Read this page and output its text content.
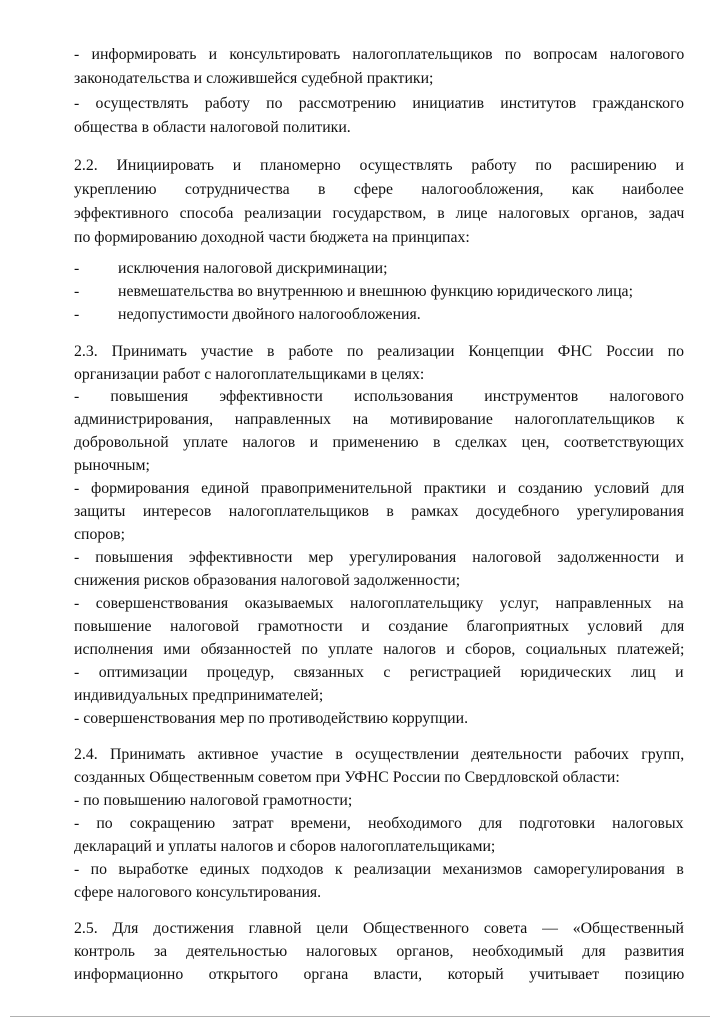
- информировать и консультировать налогоплательщиков по вопросам налогового
законодательства и сложившейся судебной практики;
- осуществлять работу по рассмотрению инициатив институтов гражданского
общества в области налоговой политики.
2.2. Инициировать и планомерно осуществлять работу по расширению и
укреплению сотрудничества в сфере налогообложения, как наиболее
эффективного способа реализации государством, в лице налоговых органов, задач
по формированию доходной части бюджета на принципах:
- исключения налоговой дискриминации;
- невмешательства во внутреннюю и внешнюю функцию юридического лица;
- недопустимости двойного налогообложения.
2.3. Принимать участие в работе по реализации Концепции ФНС России по
организации работ с налогоплательщиками в целях:
- повышения эффективности использования инструментов налогового
администрирования, направленных на мотивирование налогоплательщиков к
добровольной уплате налогов и применению в сделках цен, соответствующих
рыночным;
- формирования единой правоприменительной практики и созданию условий для
защиты интересов налогоплательщиков в рамках досудебного урегулирования
споров;
- повышения эффективности мер урегулирования налоговой задолженности и
снижения рисков образования налоговой задолженности;
- совершенствования оказываемых налогоплательщику услуг, направленных на
повышение налоговой грамотности и создание благоприятных условий для
исполнения ими обязанностей по уплате налогов и сборов, социальных платежей;
- оптимизации процедур, связанных с регистрацией юридических лиц и
индивидуальных предпринимателей;
- совершенствования мер по противодействию коррупции.
2.4. Принимать активное участие в осуществлении деятельности рабочих групп,
созданных Общественным советом при УФНС России по Свердловской области:
- по повышению налоговой грамотности;
- по сокращению затрат времени, необходимого для подготовки налоговых
деклараций и уплаты налогов и сборов налогоплательщиками;
- по выработке единых подходов к реализации механизмов саморегулирования в
сфере налогового консультирования.
2.5. Для достижения главной цели Общественного совета — «Общественный
контроль за деятельностью налоговых органов, необходимый для развития
информационно открытого органа власти, который учитывает позицию
